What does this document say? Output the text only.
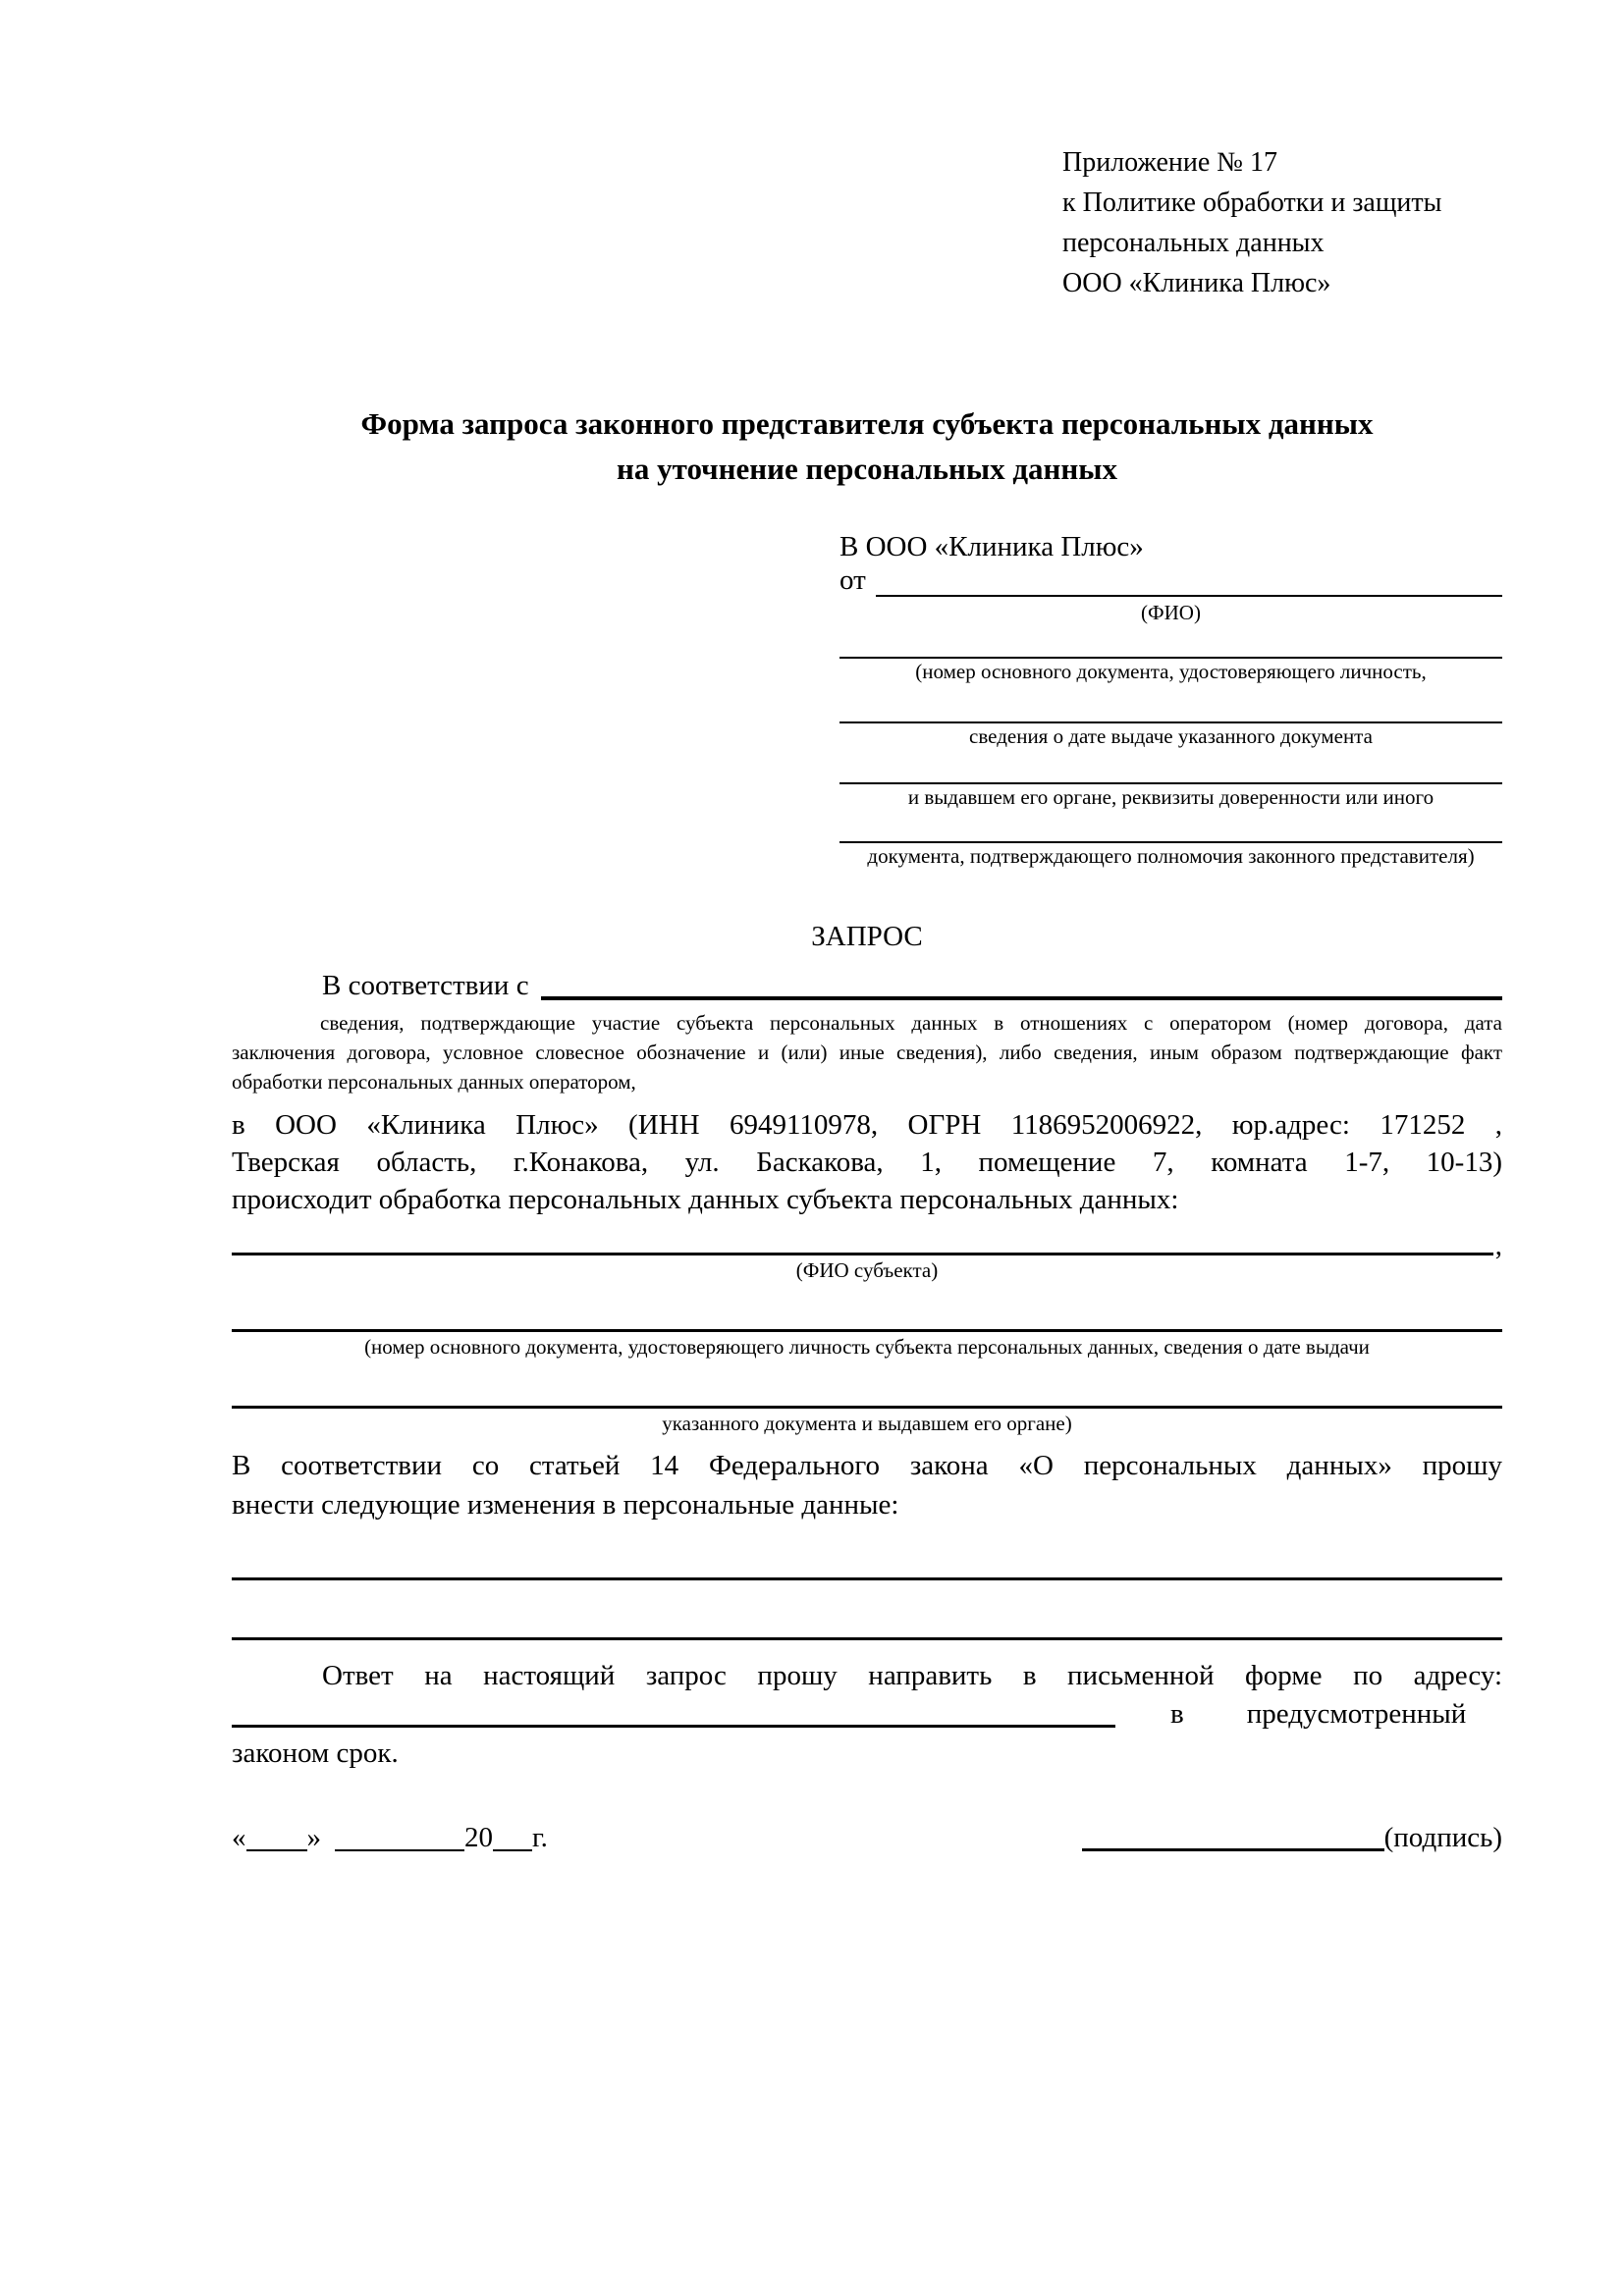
Приложение № 17
к Политике обработки и защиты
персональных данных
ООО «Клиника Плюс»
Форма запроса законного представителя субъекта персональных данных
на уточнение персональных данных
В ООО «Клиника Плюс»
от
(ФИО)
(номер основного документа, удостоверяющего личность,
сведения о дате выдаче указанного документа
и выдавшем его органе, реквизиты доверенности или иного
документа, подтверждающего полномочия законного представителя)
ЗАПРОС
В соответствии с
сведения, подтверждающие участие субъекта персональных данных в отношениях с оператором (номер договора, дата
заключения договора, условное словесное обозначение и (или) иные сведения), либо сведения, иным образом подтверждающие факт
обработки персональных данных оператором,
в ООО «Клиника Плюс» (ИНН 6949110978, ОГРН 1186952006922, юр.адрес: 171252 ,
Тверская область, г.Конакова, ул. Баскакова, 1, помещение 7, комната 1-7, 10-13)
происходит обработка персональных данных субъекта персональных данных:
,
(ФИО субъекта)
(номер основного документа, удостоверяющего личность субъекта персональных данных, сведения о дате выдачи
указанного документа и выдавшем его органе)
В соответствии со статьей 14 Федерального закона «О персональных данных» прошу
внести следующие изменения в персональные данные:
Ответ на настоящий запрос прошу направить в письменной форме по адресу:
в предусмотренный
законом срок.
« »	20 г.	(подпись)
